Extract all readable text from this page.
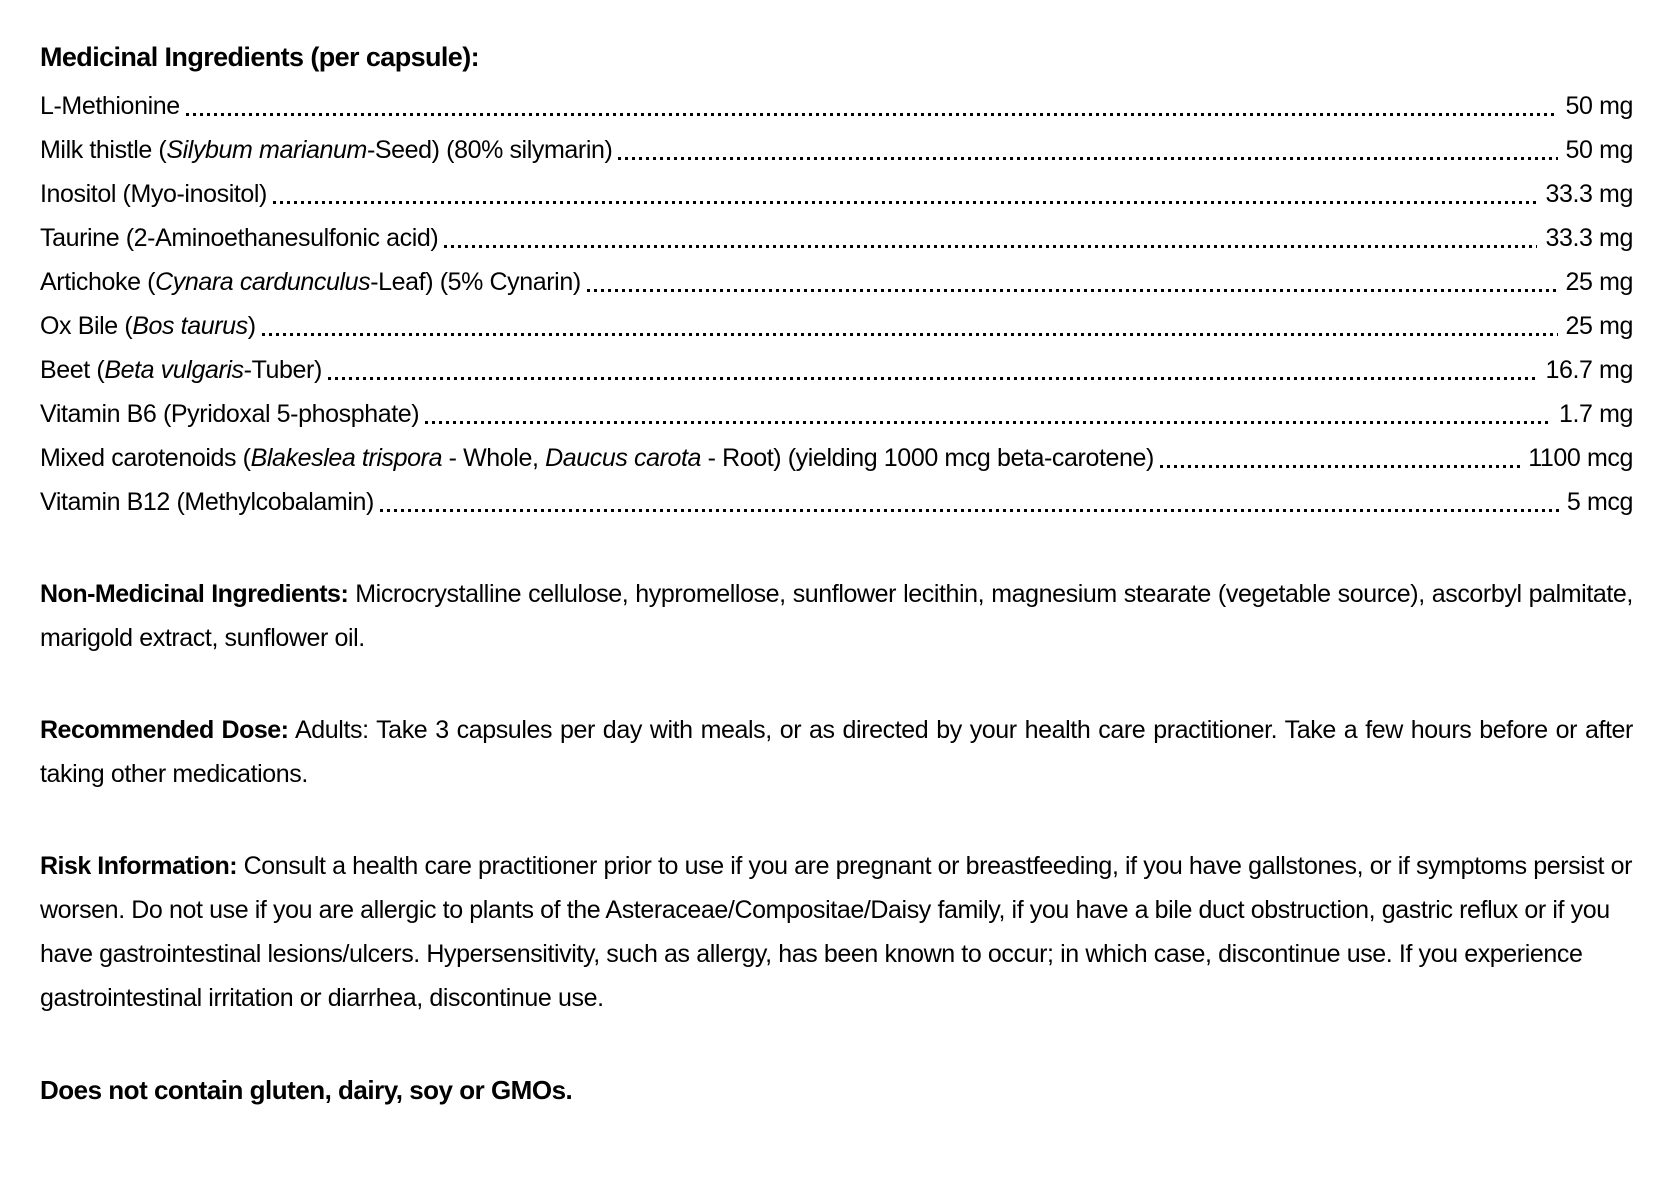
Medicinal Ingredients (per capsule):
L-Methionine	50 mg
Milk thistle (Silybum marianum-Seed) (80% silymarin)	50 mg
Inositol (Myo-inositol)	33.3 mg
Taurine (2-Aminoethanesulfonic acid)	33.3 mg
Artichoke (Cynara cardunculus-Leaf) (5% Cynarin)	25 mg
Ox Bile (Bos taurus)	25 mg
Beet (Beta vulgaris-Tuber)	16.7 mg
Vitamin B6 (Pyridoxal 5-phosphate)	1.7 mg
Mixed carotenoids (Blakeslea trispora - Whole, Daucus carota - Root) (yielding 1000 mcg beta-carotene)	1100 mcg
Vitamin B12 (Methylcobalamin)	5 mcg

Non-Medicinal Ingredients: Microcrystalline cellulose, hypromellose, sunflower lecithin, magnesium stearate (vegetable source), ascorbyl palmitate, marigold extract, sunflower oil.

Recommended Dose: Adults: Take 3 capsules per day with meals, or as directed by your health care practitioner. Take a few hours before or after taking other medications.

Risk Information: Consult a health care practitioner prior to use if you are pregnant or breastfeeding, if you have gallstones, or if symptoms persist or worsen. Do not use if you are allergic to plants of the Asteraceae/Compositae/Daisy family, if you have a bile duct obstruction, gastric reflux or if you have gastrointestinal lesions/ulcers. Hypersensitivity, such as allergy, has been known to occur; in which case, discontinue use. If you experience gastrointestinal irritation or diarrhea, discontinue use.

Does not contain gluten, dairy, soy or GMOs.
